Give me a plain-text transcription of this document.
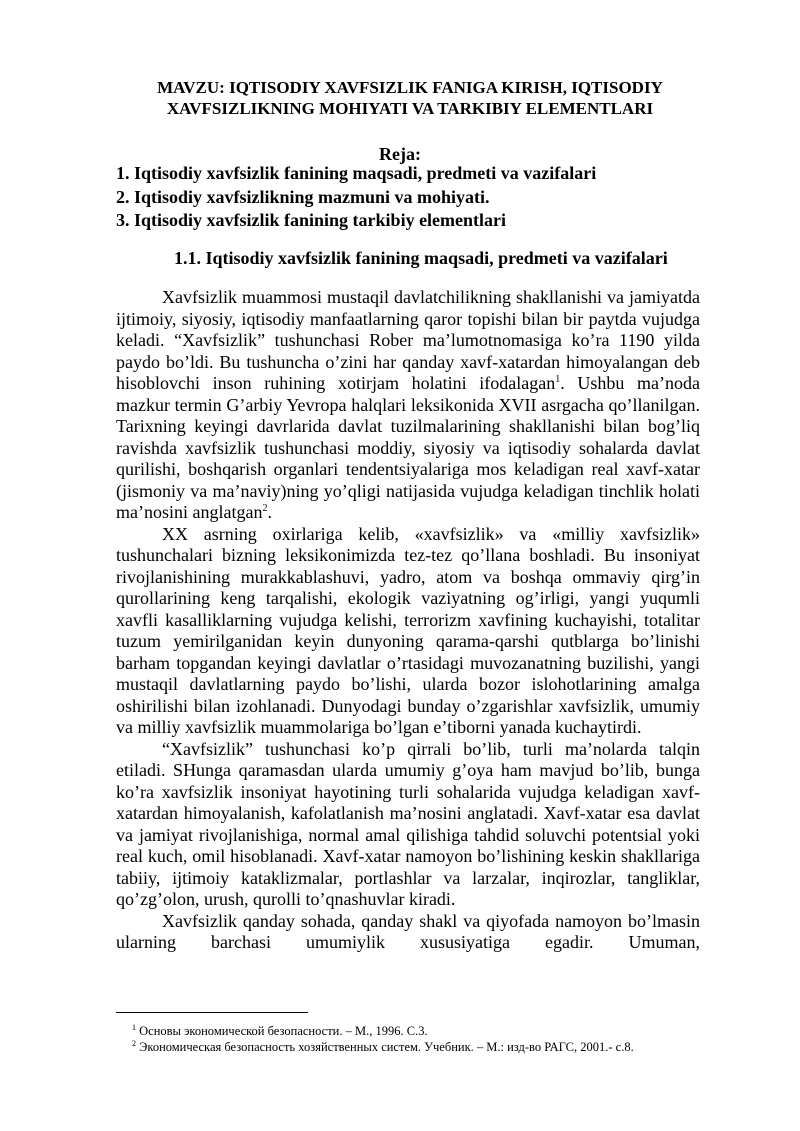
MAVZU: IQTISODIY XAVFSIZLIK FANIGA KIRISH, IQTISODIY
XAVFSIZLIKNING MOHIYATI VA TARKIBIY ELEMENTLARI
Reja:
1. Iqtisodiy xavfsizlik fanining maqsadi, predmeti va vazifalari
2. Iqtisodiy xavfsizlikning mazmuni va mohiyati.
3. Iqtisodiy xavfsizlik fanining tarkibiy elementlari
1.1. Iqtisodiy xavfsizlik fanining maqsadi, predmeti va vazifalari

Xavfsizlik muammosi mustaqil davlatchilikning shakllanishi va jamiyatda ijtimoiy, siyosiy, iqtisodiy manfaatlarning qaror topishi bilan bir paytda vujudga keladi. “Xavfsizlik” tushunchasi Rober ma’lumotnomasiga ko’ra 1190 yilda paydo bo’ldi. Bu tushuncha o’zini har qanday xavf-xatardan himoyalangan deb hisoblovchi inson ruhining xotirjam holatini ifodalagan$^1$. Ushbu ma’noda mazkur termin G’arbiy Yevropa halqlari leksikonida XVII asrgacha qo’llanilgan. Tarixning keyingi davrlarida davlat tuzilmalarining shakllanishi bilan bog’liq ravishda xavfsizlik tushunchasi moddiy, siyosiy va iqtisodiy sohalarda davlat qurilishi, boshqarish organlari tendentsiyalariga mos keladigan real xavf-xatar (jismoniy va ma’naviy)ning yo’qligi natijasida vujudga keladigan tinchlik holati ma’nosini anglatgan$^2$.

XX asrning oxirlariga kelib, «xavfsizlik» va «milliy xavfsizlik» tushunchalari bizning leksikonimizda tez-tez qo’llana boshladi. Bu insoniyat rivojlanishining murakkablashuvi, yadro, atom va boshqa ommaviy qirg’in qurollarining keng tarqalishi, ekologik vaziyatning og’irligi, yangi yuqumli xavfli kasalliklarning vujudga kelishi, terrorizm xavfining kuchayishi, totalitar tuzum yemirilganidan keyin dunyoning qarama-qarshi qutblarga bo’linishi barham topgandan keyingi davlatlar o’rtasidagi muvozanatning buzilishi, yangi mustaqil davlatlarning paydo bo’lishi, ularda bozor islohotlarining amalga oshirilishi bilan izohlanadi. Dunyodagi bunday o’zgarishlar xavfsizlik, umumiy va milliy xavfsizlik muammolariga bo’lgan e’tiborni yanada kuchaytirdi.

“Xavfsizlik” tushunchasi ko’p qirrali bo’lib, turli ma’nolarda talqin etiladi. SHunga qaramasdan ularda umumiy g’oya ham mavjud bo’lib, bunga ko’ra xavfsizlik insoniyat hayotining turli sohalarida vujudga keladigan xavf-xatardan himoyalanish, kafolatlanish ma’nosini anglatadi. Xavf-xatar esa davlat va jamiyat rivojlanishiga, normal amal qilishiga tahdid soluvchi potentsial yoki real kuch, omil hisoblanadi. Xavf-xatar namoyon bo’lishining keskin shakllariga tabiiy, ijtimoiy kataklizmalar, portlashlar va larzalar, inqirozlar, tangliklar, qo’zg’olon, urush, qurolli to’qnashuvlar kiradi.

Xavfsizlik qanday sohada, qanday shakl va qiyofada namoyon bo’lmasin ularning barchasi umumiylik xususiyatiga egadir. Umuman,

$^1$ Основы экономической безопасности. – М., 1996. С.3.
$^2$ Экономическая безопасность хозяйственных систем. Учебник. – М.: изд-во РАГС, 2001.- с.8.
